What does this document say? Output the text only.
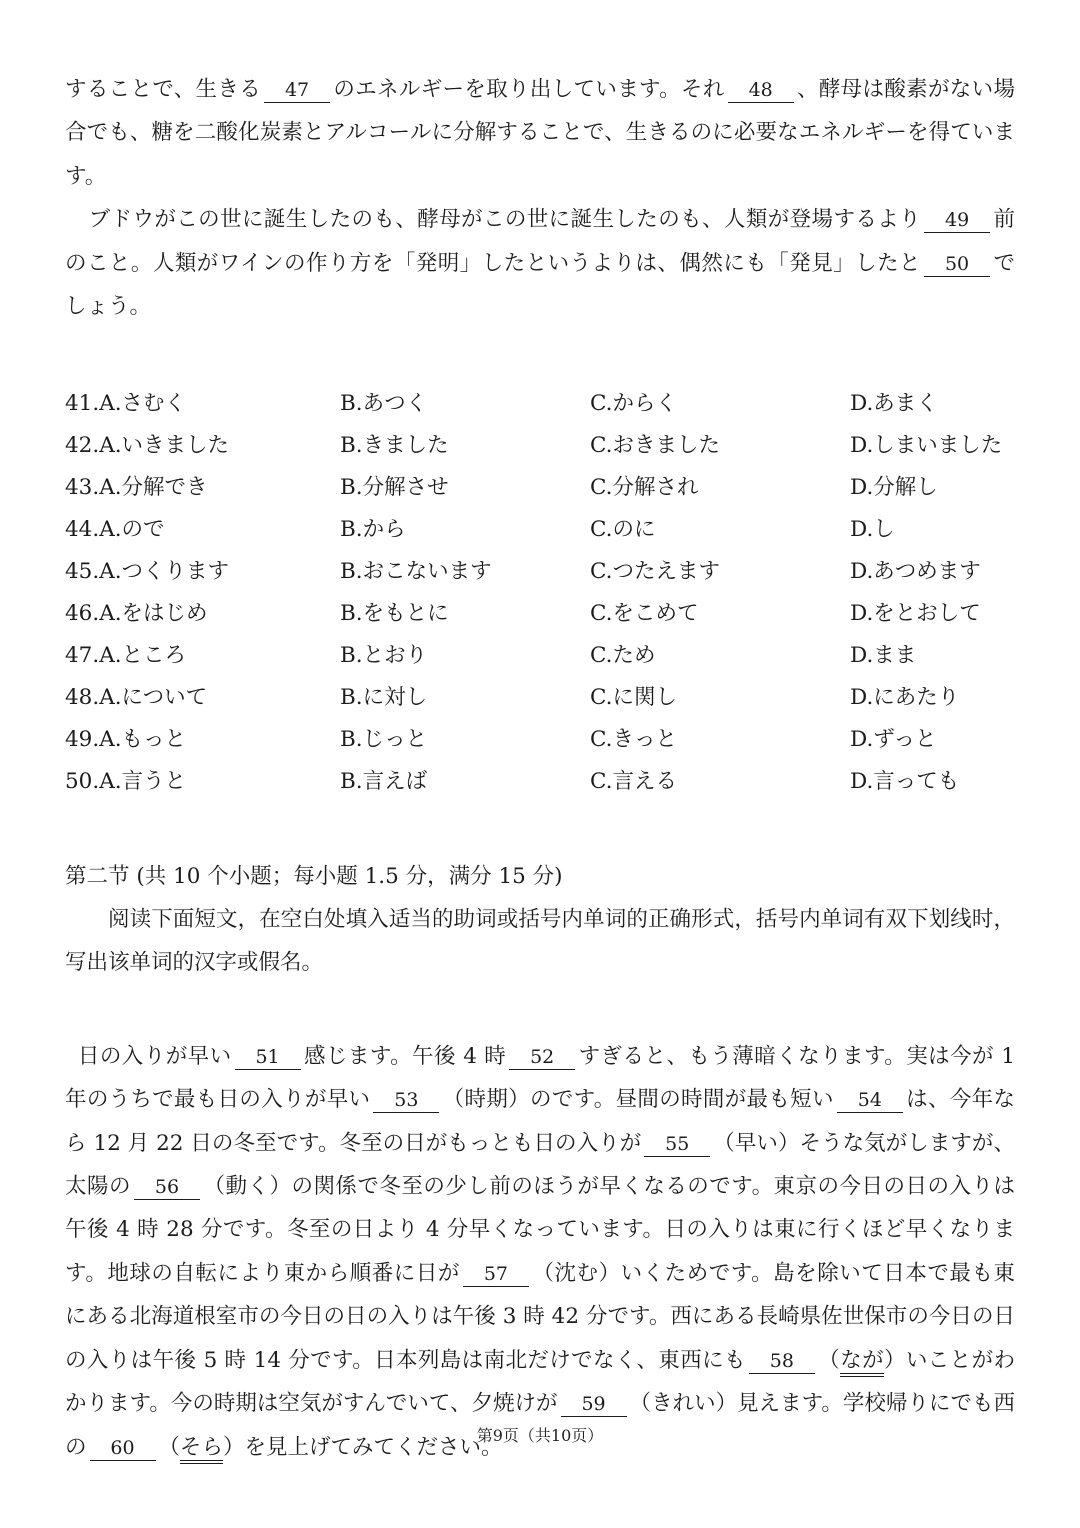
することで、生きる 47 のエネルギーを取り出しています。それ 48 、酵母は酸素がない場合でも、糖を二酸化炭素とアルコールに分解することで、生きるのに必要なエネルギーを得ています。

ブドウがこの世に誕生したのも、酵母がこの世に誕生したのも、人類が登場するより 49 前のこと。人類がワインの作り方を「発明」したというよりは、偶然にも「発見」したと 50 でしょう。

41.A.さむく	B.あつく	C.からく	D.あまく
42.A.いきました	B.きました	C.おきました	D.しまいました
43.A.分解でき	B.分解させ	C.分解され	D.分解し
44.A.ので	B.から	C.のに	D.し
45.A.つくります	B.おこないます	C.つたえます	D.あつめます
46.A.をはじめ	B.をもとに	C.をこめて	D.をとおして
47.A.ところ	B.とおり	C.ため	D.まま
48.A.について	B.に対し	C.に関し	D.にあたり
49.A.もっと	B.じっと	C.きっと	D.ずっと
50.A.言うと	B.言えば	C.言える	D.言っても

第二节 (共 10 个小题；每小题 1.5 分，满分 15 分)

阅读下面短文，在空白处填入适当的助词或括号内单词的正确形式，括号内单词有双下划线时，写出该单词的汉字或假名。

日の入りが早い 51 感じます。午後 4 時 52 すぎると、もう薄暗くなります。実は今が 1 年のうちで最も日の入りが早い 53 （時期）のです。昼間の時間が最も短い 54 は、今年なら 12 月 22 日の冬至です。冬至の日がもっとも日の入りが 55 （早い）そうな気がしますが、太陽の 56 （動く）の関係で冬至の少し前のほうが早くなるのです。東京の今日の日の入りは午後 4 時 28 分です。冬至の日より 4 分早くなっています。日の入りは東に行くほど早くなります。地球の自転により東から順番に日が 57 （沈む）いくためです。島を除いて日本で最も東にある北海道根室市の今日の日の入りは午後 3 時 42 分です。西にある長崎県佐世保市の今日の日の入りは午後 5 時 14 分です。日本列島は南北だけでなく、東西にも 58 （なが）いことがわかります。今の時期は空気がすんでいて、夕焼けが 59 （きれい）見えます。学校帰りにでも西の 60 （そら）を見上げてみてください。

第9页（共10页）
